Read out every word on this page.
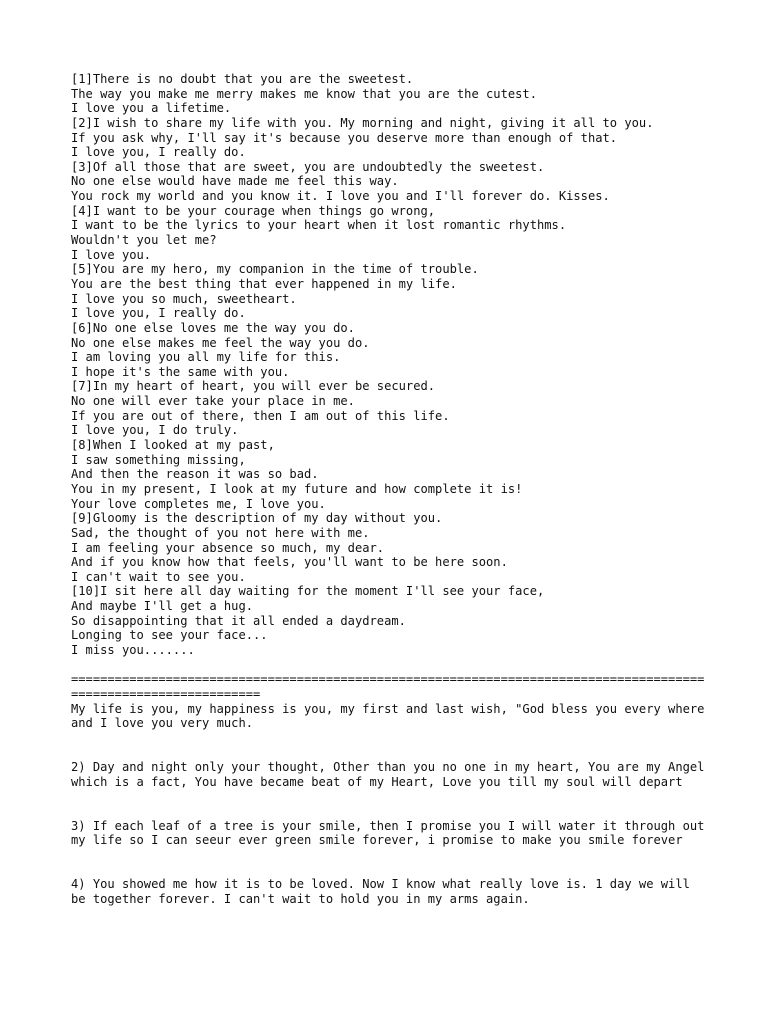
[1]There is no doubt that you are the sweetest.

The way you make me merry makes me know that you are the cutest.

I love you a lifetime.

[2]I wish to share my life with you. My morning and night, giving it all to you.

If you ask why, I'll say it's because you deserve more than enough of that.

I love you, I really do.

[3]Of all those that are sweet, you are undoubtedly the sweetest.

No one else would have made me feel this way.

You rock my world and you know it. I love you and I'll forever do. Kisses.

[4]I want to be your courage when things go wrong,

I want to be the lyrics to your heart when it lost romantic rhythms.

Wouldn't you let me?

I love you.

[5]You are my hero, my companion in the time of trouble.

You are the best thing that ever happened in my life.

I love you so much, sweetheart.

I love you, I really do.

[6]No one else loves me the way you do.

No one else makes me feel the way you do.

I am loving you all my life for this.

I hope it's the same with you.

[7]In my heart of heart, you will ever be secured.

No one will ever take your place in me.

If you are out of there, then I am out of this life.

I love you, I do truly.

[8]When I looked at my past,

I saw something missing,

And then the reason it was so bad.

You in my present, I look at my future and how complete it is!

Your love completes me, I love you.

[9]Gloomy is the description of my day without you.

Sad, the thought of you not here with me.

I am feeling your absence so much, my dear.

And if you know how that feels, you'll want to be here soon.

I can't wait to see you.

[10]I sit here all day waiting for the moment I'll see your face,

And maybe I'll get a hug.

So disappointing that it all ended a daydream.

Longing to see your face...

I miss you.......

=================================================================================================================

My life is you, my happiness is you, my first and last wish, "God bless you every where and I love you very much.

2) Day and night only your thought, Other than you no one in my heart, You are my Angel which is a fact, You have became beat of my Heart, Love you till my soul will depart

3) If each leaf of a tree is your smile, then I promise you I will water it through out my life so I can seeur ever green smile forever, i promise to make you smile forever

4) You showed me how it is to be loved. Now I know what really love is. 1 day we will be together forever. I can't wait to hold you in my arms again.
